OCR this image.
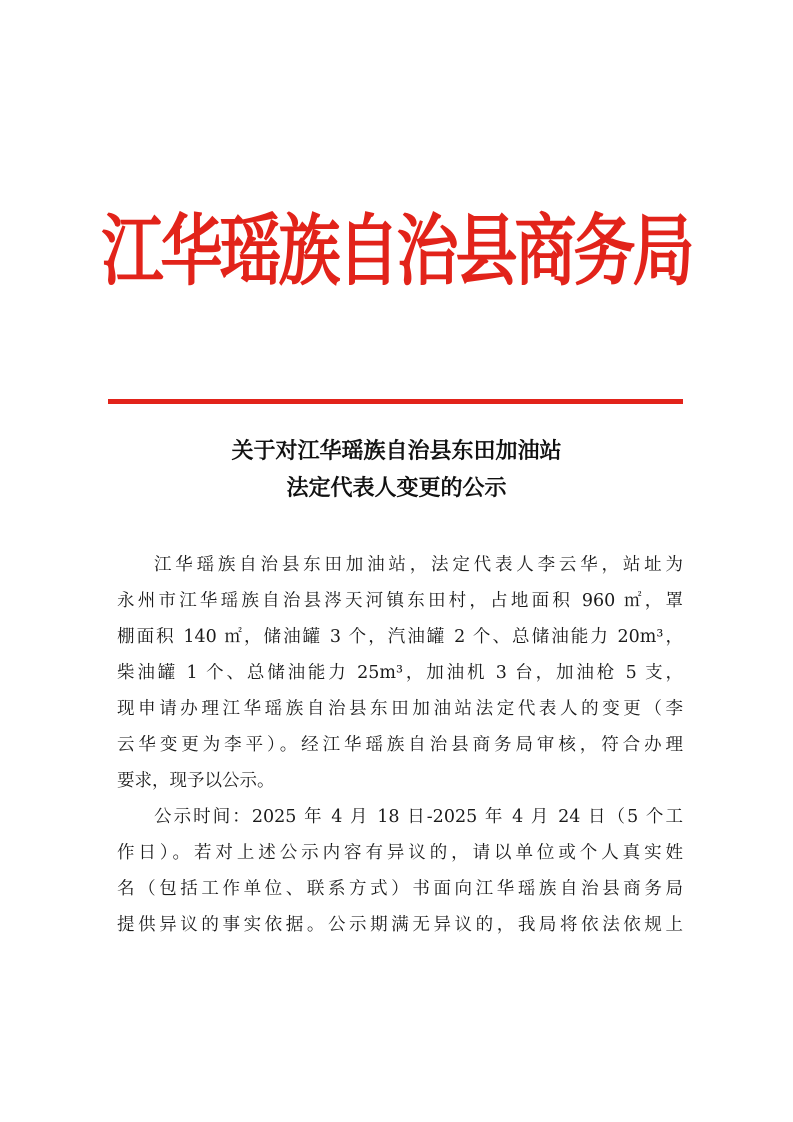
江华瑶族自治县商务局
关于对江华瑶族自治县东田加油站
法定代表人变更的公示
江华瑶族自治县东田加油站，法定代表人李云华，站址为
永州市江华瑶族自治县涔天河镇东田村，占地面积 960 ㎡，罩
棚面积 140 ㎡，储油罐 3 个，汽油罐 2 个、总储油能力 20m³，
柴油罐 1 个、总储油能力 25m³，加油机 3 台，加油枪 5 支，
现申请办理江华瑶族自治县东田加油站法定代表人的变更（李
云华变更为李平）。经江华瑶族自治县商务局审核，符合办理
要求，现予以公示。
公示时间：2025 年 4 月 18 日-2025 年 4 月 24 日（5 个工
作日）。若对上述公示内容有异议的，请以单位或个人真实姓
名（包括工作单位、联系方式）书面向江华瑶族自治县商务局
提供异议的事实依据。公示期满无异议的，我局将依法依规上
